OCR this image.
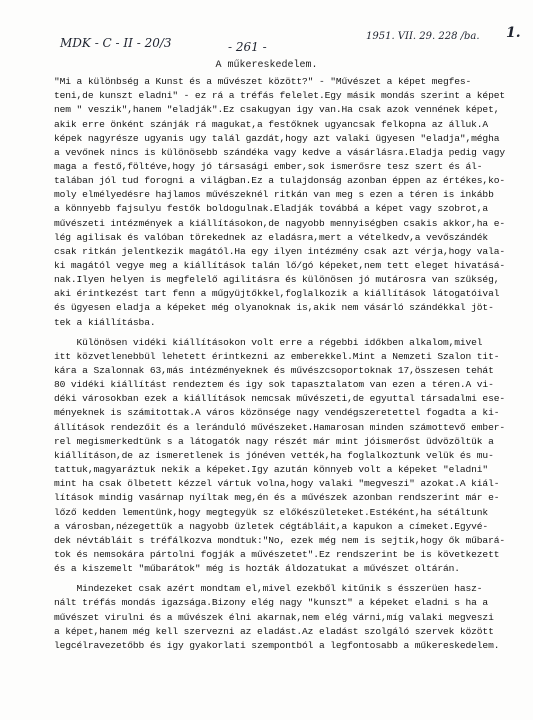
MDK - C - II - 20/3	- 261 -
1951. VII. 29. 228 /ba. 1.
A műkereskedelem.
"Mi a különbség a Kunst és a művészet között?" - "Művészet a képet megfes-
teni,de kunszt eladni" - ez rá a tréfás felelet.Egy másik mondás szerint a képet
nem " veszik",hanem "eladják".Ez csakugyan igy van.Ha csak azok vennének képet,
akik erre önként szánják rá magukat,a festőknek ugyancsak felkopna az álluk.A
képek nagyrésze ugyanis ugy talál gazdát,hogy azt valaki ügyesen "eladja",mégha
a vevőnek nincs is különösebb szándéka vagy kedve a vásárlásra.Eladja pedig vagy
maga a festő,föltéve,hogy jó társasági ember,sok ismerősre tesz szert és ál-
talában jól tud forogni a világban.Ez a tulajdonság azonban éppen az értékes,ko-
moly elmélyedésre hajlamos művészeknél ritkán van meg s ezen a téren is inkább
a könnyebb fajsulyu festők boldogulnak.Eladják továbbá a képet vagy szobrot,a
művészeti intézmények a kiállításokon,de nagyobb mennyiségben csakis akkor,ha e-
lég agilisak és valóban törekednek az eladásra,mert a vételkedv,a vevőszándék
csak ritkán jelentkezik magától.Ha egy ilyen intézmény csak azt vérja,hogy vala-
ki magától vegye meg a kiállítások talán lő/gó képeket,nem tett eleget hivatásá-
nak.Ilyen helyen is megfelelő agilitásra és különösen jó mutárosra van szükség,
aki érintkezést tart fenn a műgyüjtőkkel,foglalkozik a kiállítások látogatóival
és ügyesen eladja a képeket még olyanoknak is,akik nem vásárló szándékkal jöt-
tek a kiállításba.
Különösen vidéki kiállításokon volt erre a régebbi időkben alkalom,mivel
itt közvetlenebbül lehetett érintkezni az emberekkel.Mint a Nemzeti Szalon tit-
kára a Szalonnak 63,más intézményeknek és művészcsoportoknak 17,összesen tehát
80 vidéki kiállítást rendeztem és igy sok tapasztalatom van ezen a téren.A vi-
déki városokban ezek a kiállítások nemcsak művészeti,de egyuttal társadalmi ese-
ményeknek is számitottak.A város közönsége nagy vendégszeretettel fogadta a ki-
állítások rendezőit és a leránduló művészeket.Hamarosan minden számottevő ember-
rel megismerkedtünk s a látogatók nagy részét már mint jóismerőst üdvözöltük a
kiállításon,de az ismeretlenek is jónéven vették,ha foglalkoztunk velük és mu-
tattuk,magyaráztuk nekik a képeket.Igy azután könnyeb volt a képeket "eladni"
mint ha csak ölbetett kézzel vártuk volna,hogy valaki "megveszi" azokat.A kiál-
lítások mindig vasárnap nyíltak meg,én és a művészek azonban rendszerint már e-
lőző kedden lementünk,hogy megtegyük sz előkészületeket.Estéként,ha sétáltunk
a városban,nézegettük a nagyobb üzletek cégtábláit,a kapukon a címeket.Egyvé-
dek névtábláit s tréfálkozva mondtuk:"No, ezek még nem is sejtik,hogy ők műbará-
tok és nemsokára pártolni fogják a művészetet".Ez rendszerint be is következett
és a kiszemelt "műbarátok" még is hozták áldozatukat a művészet oltárán.
Mindezeket csak azért mondtam el,mivel ezekből kitűnik s ésszerüen hasz-
nált tréfás mondás igazsága.Bizony elég nagy "kunszt" a képeket eladni s ha a
művészet virulni és a művészek élni akarnak,nem elég várni,míg valaki megveszi
a képet,hanem még kell szervezni az eladást.Az eladást szolgáló szervek között
legcélravezetőbb és igy gyakorlati szempontból a legfontosabb a műkereskedelem.
